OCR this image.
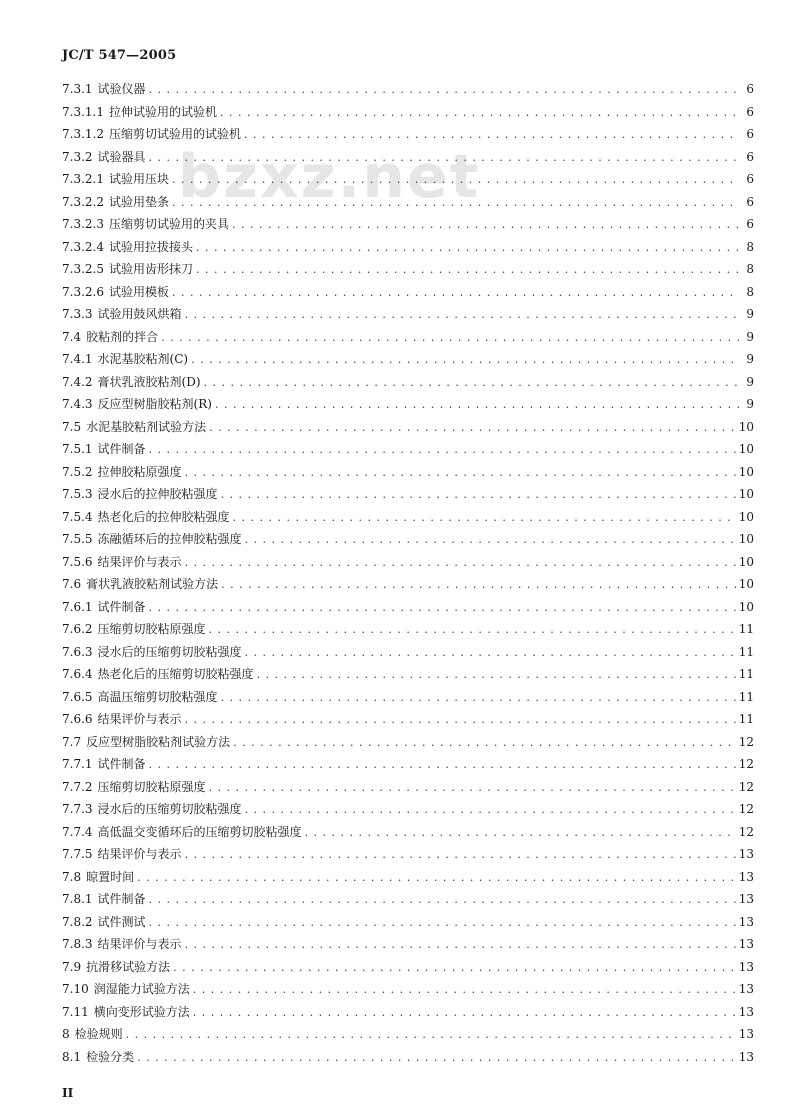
JC/T 547—2005
bzxz.net
7.3.1 试验仪器 . . .	6
7.3.1.1 拉伸试验用的试验机 . . .	6
7.3.1.2 压缩剪切试验用的试验机 . . .	6
7.3.2 试验器具 . . .	6
7.3.2.1 试验用压块 . . .	6
7.3.2.2 试验用垫条 . . .	6
7.3.2.3 压缩剪切试验用的夹具 . . .	6
7.3.2.4 试验用拉拔接头 . . .	8
7.3.2.5 试验用齿形抹刀 . . .	8
7.3.2.6 试验用模板 . . .	8
7.3.3 试验用鼓风烘箱 . . .	9
7.4 胶粘剂的拌合 . . .	9
7.4.1 水泥基胶粘剂(C) . . .	9
7.4.2 膏状乳液胶粘剂(D) . . .	9
7.4.3 反应型树脂胶粘剂(R) . . .	9
7.5 水泥基胶粘剂试验方法 . . .	10
7.5.1 试件制备 . . .	10
7.5.2 拉伸胶粘原强度 . . .	10
7.5.3 浸水后的拉伸胶粘强度 . . .	10
7.5.4 热老化后的拉伸胶粘强度 . . .	10
7.5.5 冻融循环后的拉伸胶粘强度 . . .	10
7.5.6 结果评价与表示 . . .	10
7.6 膏状乳液胶粘剂试验方法 . . .	10
7.6.1 试件制备 . . .	10
7.6.2 压缩剪切胶粘原强度 . . .	11
7.6.3 浸水后的压缩剪切胶粘强度 . . .	11
7.6.4 热老化后的压缩剪切胶粘强度 . . .	11
7.6.5 高温压缩剪切胶粘强度 . . .	11
7.6.6 结果评价与表示 . . .	11
7.7 反应型树脂胶粘剂试验方法 . . .	12
7.7.1 试件制备 . . .	12
7.7.2 压缩剪切胶粘原强度 . . .	12
7.7.3 浸水后的压缩剪切胶粘强度 . . .	12
7.7.4 高低温交变循环后的压缩剪切胶粘强度 . . .	12
7.7.5 结果评价与表示 . . .	13
7.8 晾置时间 . . .	13
7.8.1 试件制备 . . .	13
7.8.2 试件测试 . . .	13
7.8.3 结果评价与表示 . . .	13
7.9 抗滑移试验方法 . . .	13
7.10 润湿能力试验方法 . . .	13
7.11 横向变形试验方法 . . .	13
8 检验规则 . . .	13
8.1 检验分类 . . .	13
II
